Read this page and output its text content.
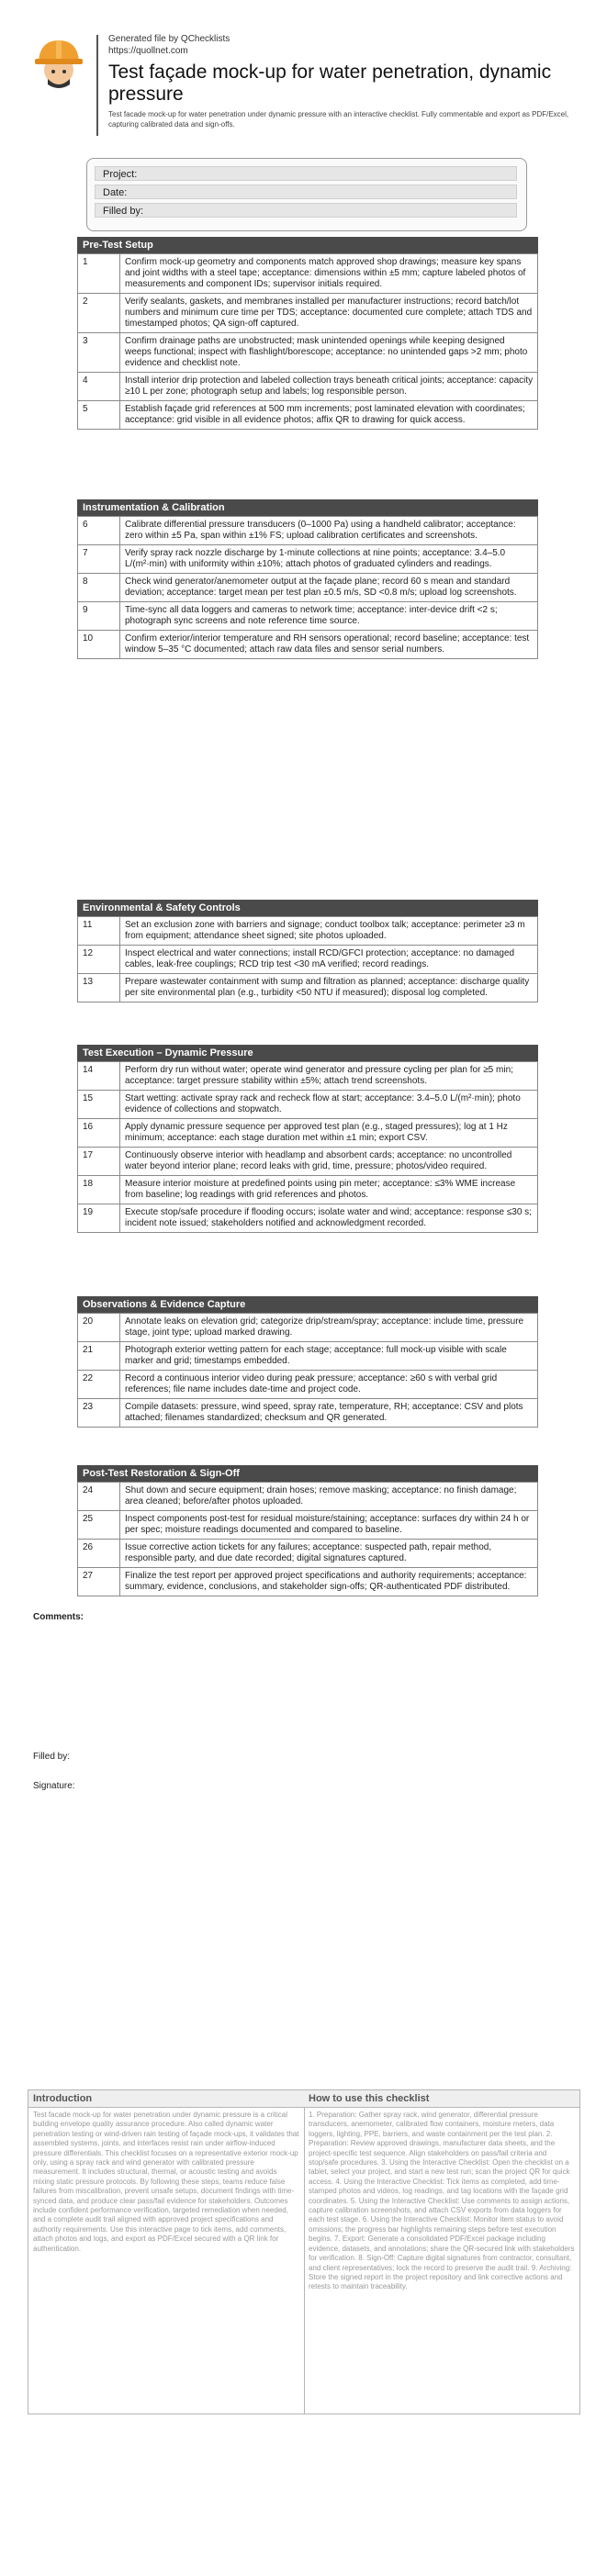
Generated file by QChecklists
https://quollnet.com
Test façade mock-up for water penetration, dynamic pressure
Test facade mock-up for water penetration under dynamic pressure with an interactive checklist. Fully commentable and export as PDF/Excel, capturing calibrated data and sign-offs.
Project:
Date:
Filled by:
Pre-Test Setup
1	Confirm mock-up geometry and components match approved shop drawings; measure key spans and joint widths with a steel tape; acceptance: dimensions within ±5 mm; capture labeled photos of measurements and component IDs; supervisor initials required.
2	Verify sealants, gaskets, and membranes installed per manufacturer instructions; record batch/lot numbers and minimum cure time per TDS; acceptance: documented cure complete; attach TDS and timestamped photos; QA sign-off captured.
3	Confirm drainage paths are unobstructed; mask unintended openings while keeping designed weeps functional; inspect with flashlight/borescope; acceptance: no unintended gaps >2 mm; photo evidence and checklist note.
4	Install interior drip protection and labeled collection trays beneath critical joints; acceptance: capacity ≥10 L per zone; photograph setup and labels; log responsible person.
5	Establish façade grid references at 500 mm increments; post laminated elevation with coordinates; acceptance: grid visible in all evidence photos; affix QR to drawing for quick access.
Instrumentation & Calibration
6	Calibrate differential pressure transducers (0–1000 Pa) using a handheld calibrator; acceptance: zero within ±5 Pa, span within ±1% FS; upload calibration certificates and screenshots.
7	Verify spray rack nozzle discharge by 1-minute collections at nine points; acceptance: 3.4–5.0 L/(m²·min) with uniformity within ±10%; attach photos of graduated cylinders and readings.
8	Check wind generator/anemometer output at the façade plane; record 60 s mean and standard deviation; acceptance: target mean per test plan ±0.5 m/s, SD <0.8 m/s; upload log screenshots.
9	Time-sync all data loggers and cameras to network time; acceptance: inter-device drift <2 s; photograph sync screens and note reference time source.
10	Confirm exterior/interior temperature and RH sensors operational; record baseline; acceptance: test window 5–35 °C documented; attach raw data files and sensor serial numbers.
Environmental & Safety Controls
11	Set an exclusion zone with barriers and signage; conduct toolbox talk; acceptance: perimeter ≥3 m from equipment; attendance sheet signed; site photos uploaded.
12	Inspect electrical and water connections; install RCD/GFCI protection; acceptance: no damaged cables, leak-free couplings; RCD trip test <30 mA verified; record readings.
13	Prepare wastewater containment with sump and filtration as planned; acceptance: discharge quality per site environmental plan (e.g., turbidity <50 NTU if measured); disposal log completed.
Test Execution – Dynamic Pressure
14	Perform dry run without water; operate wind generator and pressure cycling per plan for ≥5 min; acceptance: target pressure stability within ±5%; attach trend screenshots.
15	Start wetting: activate spray rack and recheck flow at start; acceptance: 3.4–5.0 L/(m²·min); photo evidence of collections and stopwatch.
16	Apply dynamic pressure sequence per approved test plan (e.g., staged pressures); log at 1 Hz minimum; acceptance: each stage duration met within ±1 min; export CSV.
17	Continuously observe interior with headlamp and absorbent cards; acceptance: no uncontrolled water beyond interior plane; record leaks with grid, time, pressure; photos/video required.
18	Measure interior moisture at predefined points using pin meter; acceptance: ≤3% WME increase from baseline; log readings with grid references and photos.
19	Execute stop/safe procedure if flooding occurs; isolate water and wind; acceptance: response ≤30 s; incident note issued; stakeholders notified and acknowledgment recorded.
Observations & Evidence Capture
20	Annotate leaks on elevation grid; categorize drip/stream/spray; acceptance: include time, pressure stage, joint type; upload marked drawing.
21	Photograph exterior wetting pattern for each stage; acceptance: full mock-up visible with scale marker and grid; timestamps embedded.
22	Record a continuous interior video during peak pressure; acceptance: ≥60 s with verbal grid references; file name includes date-time and project code.
23	Compile datasets: pressure, wind speed, spray rate, temperature, RH; acceptance: CSV and plots attached; filenames standardized; checksum and QR generated.
Post-Test Restoration & Sign-Off
24	Shut down and secure equipment; drain hoses; remove masking; acceptance: no finish damage; area cleaned; before/after photos uploaded.
25	Inspect components post-test for residual moisture/staining; acceptance: surfaces dry within 24 h or per spec; moisture readings documented and compared to baseline.
26	Issue corrective action tickets for any failures; acceptance: suspected path, repair method, responsible party, and due date recorded; digital signatures captured.
27	Finalize the test report per approved project specifications and authority requirements; acceptance: summary, evidence, conclusions, and stakeholder sign-offs; QR-authenticated PDF distributed.
Comments:
Filled by:
Signature:
Introduction
Test facade mock-up for water penetration under dynamic pressure is a critical building envelope quality assurance procedure. Also called dynamic water penetration testing or wind-driven rain testing of façade mock-ups, it validates that assembled systems, joints, and interfaces resist rain under airflow-induced pressure differentials. This checklist focuses on a representative exterior mock-up only, using a spray rack and wind generator with calibrated pressure measurement. It includes structural, thermal, or acoustic testing and avoids mixing static pressure protocols. By following these steps, teams reduce false failures from miscalibration, prevent unsafe setups, document findings with time-synced data, and produce clear pass/fail evidence for stakeholders. Outcomes include confident performance verification, targeted remediation when needed, and a complete audit trail aligned with approved project specifications and authority requirements. Use this interactive page to tick items, add comments, attach photos and logs, and export as PDF/Excel secured with a QR link for authentication.
How to use this checklist
1. Preparation: Gather spray rack, wind generator, differential pressure transducers, anemometer, calibrated flow containers, moisture meters, data loggers, lighting, PPE, barriers, and waste containment per the test plan. 2. Preparation: Review approved drawings, manufacturer data sheets, and the project-specific test sequence. Align stakeholders on pass/fail criteria and stop/safe procedures. 3. Using the Interactive Checklist: Open the checklist on a tablet, select your project, and start a new test run; scan the project QR for quick access. 4. Using the Interactive Checklist: Tick items as completed, add time-stamped photos and videos, log readings, and tag locations with the façade grid coordinates. 5. Using the Interactive Checklist: Use comments to assign actions, capture calibration screenshots, and attach CSV exports from data loggers for each test stage. 6. Using the Interactive Checklist: Monitor item status to avoid omissions; the progress bar highlights remaining steps before test execution begins. 7. Export: Generate a consolidated PDF/Excel package including evidence, datasets, and annotations; share the QR-secured link with stakeholders for verification. 8. Sign-Off: Capture digital signatures from contractor, consultant, and client representatives; lock the record to preserve the audit trail. 9. Archiving: Store the signed report in the project repository and link corrective actions and retests to maintain traceability.
